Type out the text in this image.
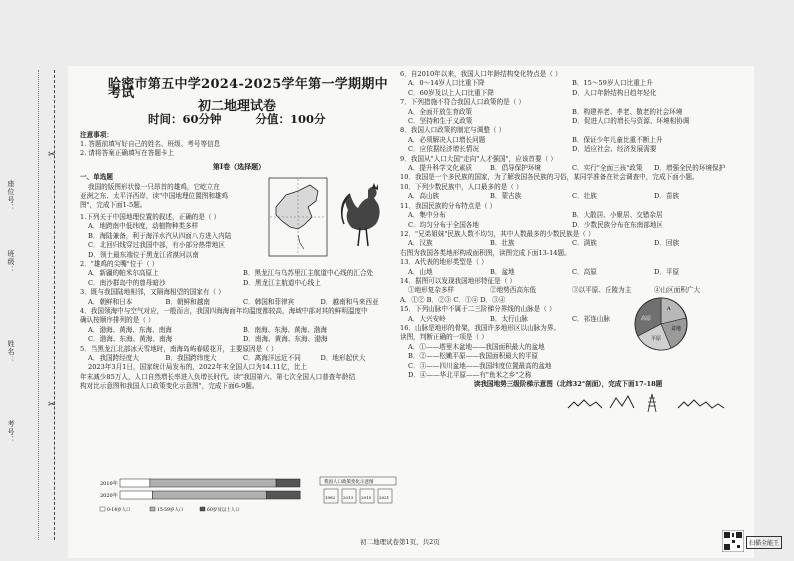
座位号：
班级：
姓名：
考号：
✂
✂
哈密市第五中学2024-2025学年第一学期期中考试
初二地理试卷
时间：60分钟	分值：100分
注意事项：
1. 答题前填写好自己的姓名、班级、考号等信息
2. 请将答案正确填写在答题卡上
第Ⅰ卷（选择题）
一、单选题
我国的版图形状像一只昂首的雄鸡，它屹立在
亚洲之东、太平洋西岸，读"中国地理位置图和雄鸡
图"，完成下面1-5题。
1.下列关于中国地理位置的叙述，正确的是（ ）
A．地跨南中低纬度，动植物种类多样
B．海陆兼备，利于海洋水汽从四面八方进入内陆
C．北回归线穿过我国中部，有小部分热带地区
D．领土最东端位于黑龙江省漠河以南
2．"雄鸡的尖嘴"位于（ ）
A．新疆的帕米尔高原上	B．黑龙江与乌苏里江主航道中心线的汇合处
C．南沙群岛中的曾母暗沙	D．黑龙江主航道中心线上
3．既与我国陆地相邻，又隔海相望的国家有（ ）
A．朝鲜和日本	B．朝鲜和越南	C．韩国和菲律宾	D．越南和马来西亚
4．我国领海中与空气对应，一般而言，我国四海海面年均温度都较高，海域中部对其的鲜明温度中
确认按顺序排列的是（ ）
A．渤海、黄海、东海、南海	B．南海、东海、黄海、渤海
C．渤海、东海、黄海、南海	D．南海、黄海、东海、渤海
5．当黑龙江北部冰天雪地时，南海岛屿春暖花开，主要原因是（ ）
A．我国跨经度大	B．我国跨纬度大	C．离海洋远近不同	D．地形起伏大
2023年3月1日，国家统计局发布的，2022年末全国人口为14.11亿，比上
年末减少85万人，人口自然增长率进入负增长时代。读"我国第六、第七次全国人口普查年龄结
构对比示意图和我国人口政策变化示意图"，完成下面6-9题。
2010年
2020年
我国人口政策变化示意图
1982 2013 2015 2021
0-14岁人口	15-59岁人口	60岁及以上人口
6．自2010年以来，我国人口年龄结构变化特点是（ ）
A．0～14岁人口比重下降	B．15～59岁人口比重上升
C．60岁及以上人口比重下降	D．人口年龄结构日趋年轻化
7．下列措施不符合我国人口政策的是（ ）
A．全面开放生育政策	B．构建养老、孝老、敬老的社会环境
C．坚持和生于义政策	D．促进人口的增长与资源、环境相协调
8．我国人口政策的制定与调整（ ）
A．必须解决人口增长问题	B．保证少年儿童比重不断上升
C．应依据经济增长情况	D．适应社会、经济发展需要
9．我国从"人口大国"走向"人才强国"，应该首要（ ）
A．提升科学文化素质	B．倡导保护环境	C．实行"全面三孩"政策	D．增强全民的环境保护
10．我国是一个多民族的国家，为了解我国各民族的习俗，某同学准备在社会调查中，完成下面小题。
10．下列少数民族中，人口最多的是（ ）
A．高山族	B．蒙古族	C．壮族	D．苗族
11．我国民族的分布特点是（ ）
A．集中分布	B．大散居、小聚居、交错杂居
C．均匀分布于全国各地	D．少数民族分布在东南部地区
12．"兄弟姐妹"民族人数不均匀，其中人数最多的少数民族是（ ）
A．汉族	B．壮族	C．满族	D．回族
右图为我国各类地形构成面积图，读图完成下面13-14题。
13．A代表的地形类型是（ ）
A．山地	B．盆地	C．高原	D．平原
14．据图可以发现我国地形特征是（ ）
①地形复杂多样	②地势西高东低	③以平原、丘陵为主	④山区面积广大
A．①② B．②③ C．①④ D．③④
15．下列山脉中不属于二三阶梯分界线的山脉是（ ）
A．大兴安岭	B．太行山脉	C．祁连山脉
16．山脉是地形的骨架，我国许多地形区以山脉为界。
读图，判断正确的一项是（ ）
A．①——塔里木盆地——我国面积最大的盆地
B．②——松嫩平原——我国面积最大的平原
C．③——四川盆地——我国纬度位置最高的盆地
D．④——华北平原——有"鱼米之乡"之称
读我国地势三级阶梯示意图（北纬32°剖面），完成下面17-18题
A
盆地
平原
高原
初二地理试卷第1页，共2页	扫描全能王
